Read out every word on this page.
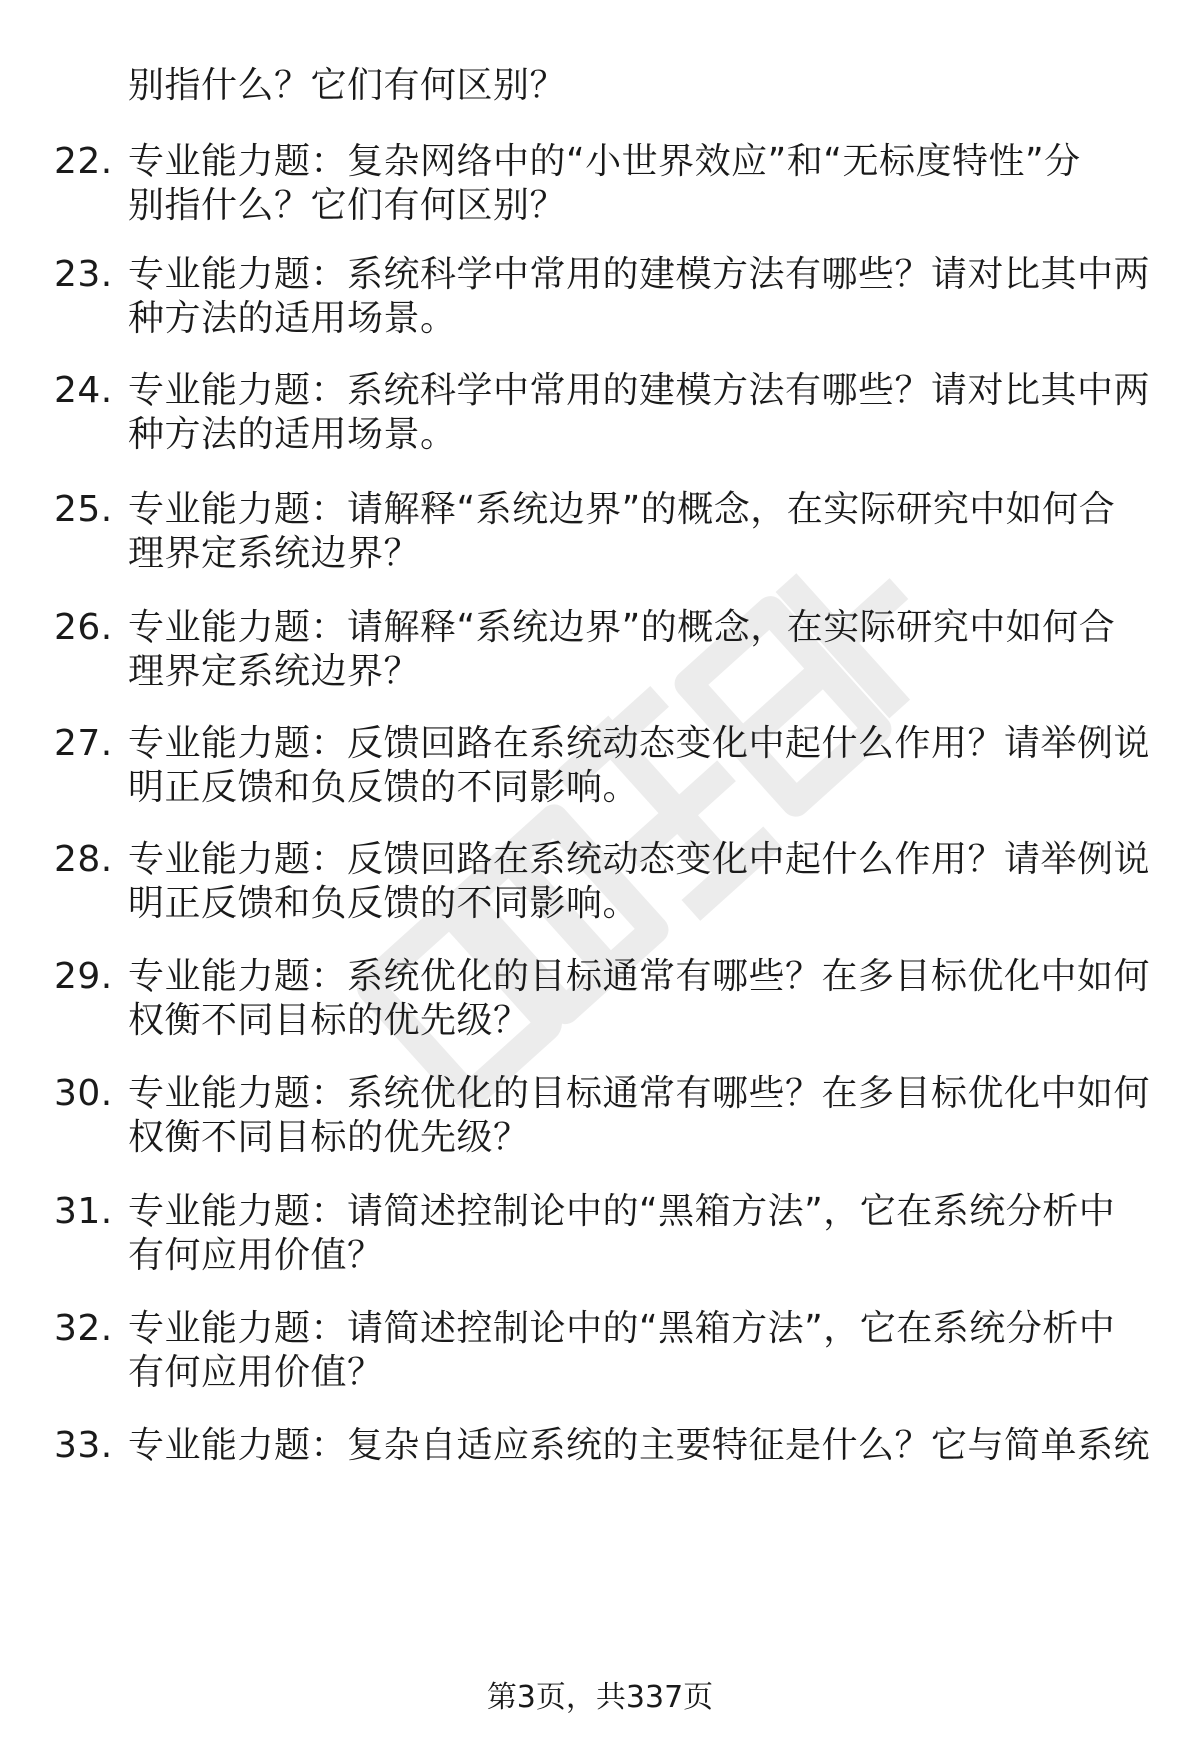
别指什么？它们有何区别？
22. 专业能力题：复杂网络中的“小世界效应”和“无标度特性”分
别指什么？它们有何区别？
23. 专业能力题：系统科学中常用的建模方法有哪些？请对比其中两
种方法的适用场景。
24. 专业能力题：系统科学中常用的建模方法有哪些？请对比其中两
种方法的适用场景。
25. 专业能力题：请解释“系统边界”的概念，在实际研究中如何合
理界定系统边界？
26. 专业能力题：请解释“系统边界”的概念，在实际研究中如何合
理界定系统边界？
27. 专业能力题：反馈回路在系统动态变化中起什么作用？请举例说
明正反馈和负反馈的不同影响。
28. 专业能力题：反馈回路在系统动态变化中起什么作用？请举例说
明正反馈和负反馈的不同影响。
29. 专业能力题：系统优化的目标通常有哪些？在多目标优化中如何
权衡不同目标的优先级？
30. 专业能力题：系统优化的目标通常有哪些？在多目标优化中如何
权衡不同目标的优先级？
31. 专业能力题：请简述控制论中的“黑箱方法”，它在系统分析中
有何应用价值？
32. 专业能力题：请简述控制论中的“黑箱方法”，它在系统分析中
有何应用价值？
33. 专业能力题：复杂自适应系统的主要特征是什么？它与简单系统
第3页，共337页
